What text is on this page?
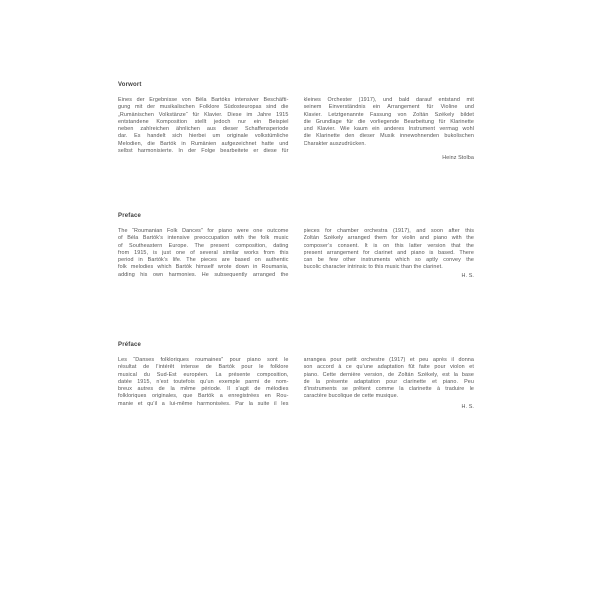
Vorwort
Eines der Ergebnisse von Béla Bartóks intensiver Beschäfti-
gung mit der musikalischen Folklore Südosteuropas sind die
„Rumänischen Volkstänze“ für Klavier. Diese im Jahre 1915
entstandene Komposition stellt jedoch nur ein Beispiel
neben zahlreichen ähnlichen aus dieser Schaffensperiode
dar. Es handelt sich hierbei um originale volkstümliche
Melodien, die Bartók in Rumänien aufgezeichnet hatte und
selbst harmonisierte. In der Folge bearbeitete er diese für
kleines Orchester (1917), und bald darauf entstand mit
seinem Einverständnis ein Arrangement für Violine und
Klavier. Letztgenannte Fassung von Zoltán Székely bildet
die Grundlage für die vorliegende Bearbeitung für Klarinette
und Klavier. Wie kaum ein anderes Instrument vermag wohl
die Klarinette den dieser Musik innewohnenden bukolischen
Charakter auszudrücken.
Heinz Stolba
Preface
The “Roumanian Folk Dances” for piano were one outcome
of Béla Bartók’s intensive preoccupation with the folk music
of Southeastern Europe. The present composition, dating
from 1915, is just one of several similar works from this
period in Bartók’s life. The pieces are based on authentic
folk melodies which Bartók himself wrote down in Roumania,
adding his own harmonies. He subsequently arranged the
pieces for chamber orchestra (1917), and soon after this
Zoltán Székely arranged them for violin and piano with the
composer’s consent. It is on this latter version that the
present arrangement for clarinet and piano is based. There
can be few other instruments which so aptly convey the
bucolic character intrinsic to this music than the clarinet.
H. S.
Préface
Les “Danses folkloriques roumaines” pour piano sont le
résultat de l’intérêt intense de Bartók pour le folklore
musical du Sud-Est européen. La présente composition,
datée 1915, n’est toutefois qu’un exemple parmi de nom-
breux autres de la même période. Il s’agit de mélodies
folkloriques originales, que Bartók a enregistrées en Rou-
manie et qu’il a lui-même harmonisées. Par la suite il les
arrangea pour petit orchestre (1917) et peu après il donna
son accord à ce qu’une adaptation fût faite pour violon et
piano. Cette dernière version, de Zoltán Székely, est la base
de la présente adaptation pour clarinette et piano. Peu
d’instruments se prêtent comme la clarinette à traduire le
caractère bucolique de cette musique.
H. S.
